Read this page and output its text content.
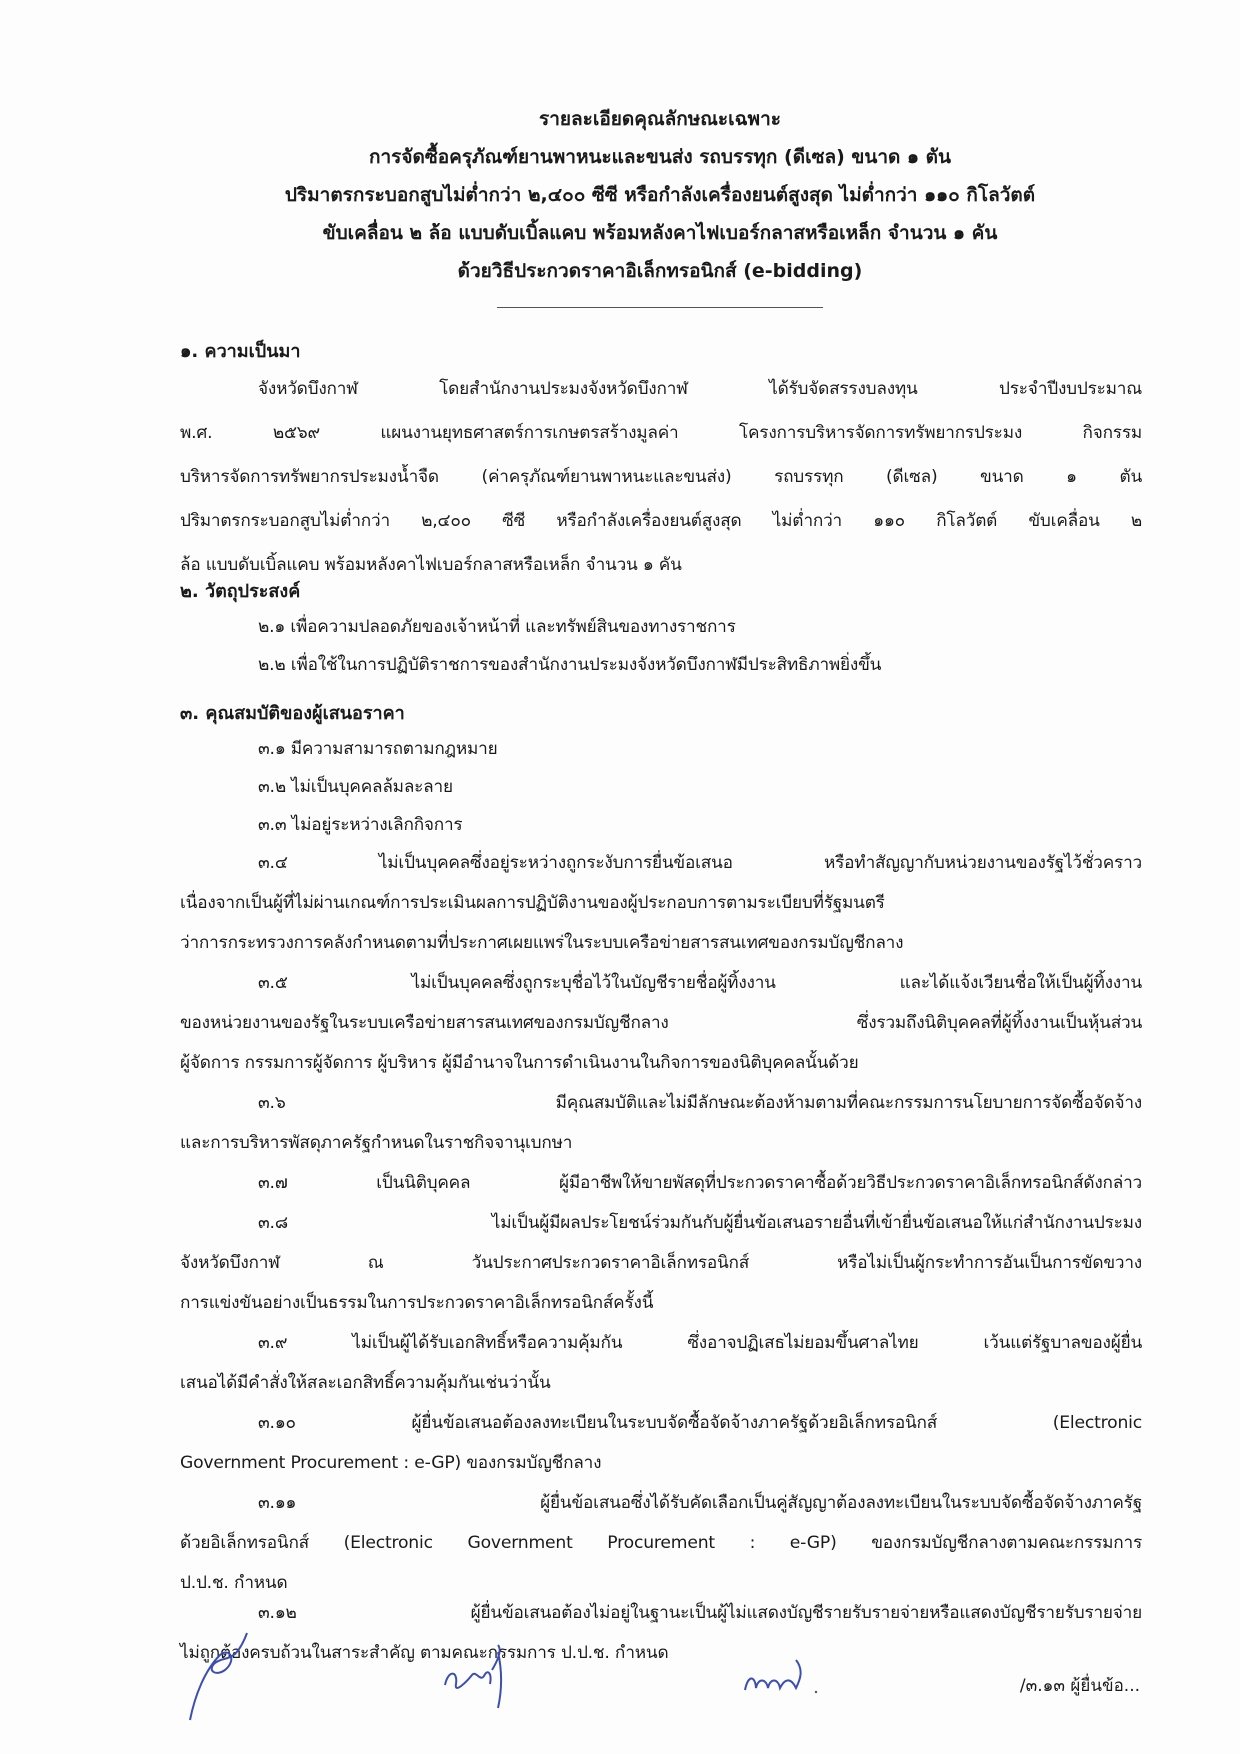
รายละเอียดคุณลักษณะเฉพาะ
การจัดซื้อครุภัณฑ์ยานพาหนะและขนส่ง รถบรรทุก (ดีเซล) ขนาด ๑ ตัน
ปริมาตรกระบอกสูบไม่ต่ำกว่า ๒,๔๐๐ ซีซี หรือกำลังเครื่องยนต์สูงสุด ไม่ต่ำกว่า ๑๑๐ กิโลวัตต์
ขับเคลื่อน ๒ ล้อ แบบดับเบิ้ลแคบ พร้อมหลังคาไฟเบอร์กลาสหรือเหล็ก จำนวน ๑ คัน
ด้วยวิธีประกวดราคาอิเล็กทรอนิกส์ (e-bidding)
๑. ความเป็นมา
จังหวัดบึงกาฬ โดยสำนักงานประมงจังหวัดบึงกาฬ ได้รับจัดสรรงบลงทุน ประจำปีงบประมาณ
พ.ศ. ๒๕๖๙ แผนงานยุทธศาสตร์การเกษตรสร้างมูลค่า โครงการบริหารจัดการทรัพยากรประมง กิจกรรม
บริหารจัดการทรัพยากรประมงน้ำจืด (ค่าครุภัณฑ์ยานพาหนะและขนส่ง) รถบรรทุก (ดีเซล) ขนาด ๑ ตัน
ปริมาตรกระบอกสูบไม่ต่ำกว่า ๒,๔๐๐ ซีซี หรือกำลังเครื่องยนต์สูงสุด ไม่ต่ำกว่า ๑๑๐ กิโลวัตต์ ขับเคลื่อน ๒
ล้อ แบบดับเบิ้ลแคบ พร้อมหลังคาไฟเบอร์กลาสหรือเหล็ก จำนวน ๑ คัน
๒. วัตถุประสงค์
๒.๑ เพื่อความปลอดภัยของเจ้าหน้าที่ และทรัพย์สินของทางราชการ
๒.๒ เพื่อใช้ในการปฏิบัติราชการของสำนักงานประมงจังหวัดบึงกาฬมีประสิทธิภาพยิ่งขึ้น
๓. คุณสมบัติของผู้เสนอราคา
๓.๑ มีความสามารถตามกฎหมาย
๓.๒ ไม่เป็นบุคคลล้มละลาย
๓.๓ ไม่อยู่ระหว่างเลิกกิจการ
๓.๔ ไม่เป็นบุคคลซึ่งอยู่ระหว่างถูกระงับการยื่นข้อเสนอ หรือทำสัญญากับหน่วยงานของรัฐไว้ชั่วคราว
เนื่องจากเป็นผู้ที่ไม่ผ่านเกณฑ์การประเมินผลการปฏิบัติงานของผู้ประกอบการตามระเบียบที่รัฐมนตรี
ว่าการกระทรวงการคลังกำหนดตามที่ประกาศเผยแพร่ในระบบเครือข่ายสารสนเทศของกรมบัญชีกลาง
๓.๕ ไม่เป็นบุคคลซึ่งถูกระบุชื่อไว้ในบัญชีรายชื่อผู้ทิ้งงาน และได้แจ้งเวียนชื่อให้เป็นผู้ทิ้งงาน
ของหน่วยงานของรัฐในระบบเครือข่ายสารสนเทศของกรมบัญชีกลาง ซึ่งรวมถึงนิติบุคคลที่ผู้ทิ้งงานเป็นหุ้นส่วน
ผู้จัดการ กรรมการผู้จัดการ ผู้บริหาร ผู้มีอำนาจในการดำเนินงานในกิจการของนิติบุคคลนั้นด้วย
๓.๖ มีคุณสมบัติและไม่มีลักษณะต้องห้ามตามที่คณะกรรมการนโยบายการจัดซื้อจัดจ้าง
และการบริหารพัสดุภาครัฐกำหนดในราชกิจจานุเบกษา
๓.๗ เป็นนิติบุคคล ผู้มีอาชีพให้ขายพัสดุที่ประกวดราคาซื้อด้วยวิธีประกวดราคาอิเล็กทรอนิกส์ดังกล่าว
๓.๘ ไม่เป็นผู้มีผลประโยชน์ร่วมกันกับผู้ยื่นข้อเสนอรายอื่นที่เข้ายื่นข้อเสนอให้แก่สำนักงานประมง
จังหวัดบึงกาฬ ณ วันประกาศประกวดราคาอิเล็กทรอนิกส์ หรือไม่เป็นผู้กระทำการอันเป็นการขัดขวาง
การแข่งขันอย่างเป็นธรรมในการประกวดราคาอิเล็กทรอนิกส์ครั้งนี้
๓.๙ ไม่เป็นผู้ได้รับเอกสิทธิ์หรือความคุ้มกัน ซึ่งอาจปฏิเสธไม่ยอมขึ้นศาลไทย เว้นแต่รัฐบาลของผู้ยื่น
เสนอได้มีคำสั่งให้สละเอกสิทธิ์ความคุ้มกันเช่นว่านั้น
๓.๑๐ ผู้ยื่นข้อเสนอต้องลงทะเบียนในระบบจัดซื้อจัดจ้างภาครัฐด้วยอิเล็กทรอนิกส์ (Electronic
Government Procurement : e-GP) ของกรมบัญชีกลาง
๓.๑๑ ผู้ยื่นข้อเสนอซึ่งได้รับคัดเลือกเป็นคู่สัญญาต้องลงทะเบียนในระบบจัดซื้อจัดจ้างภาครัฐ
ด้วยอิเล็กทรอนิกส์ (Electronic Government Procurement : e-GP) ของกรมบัญชีกลางตามคณะกรรมการ
ป.ป.ช. กำหนด
๓.๑๒ ผู้ยื่นข้อเสนอต้องไม่อยู่ในฐานะเป็นผู้ไม่แสดงบัญชีรายรับรายจ่ายหรือแสดงบัญชีรายรับรายจ่าย
ไม่ถูกต้องครบถ้วนในสาระสำคัญ ตามคณะกรรมการ ป.ป.ช. กำหนด
/๓.๑๓ ผู้ยื่นข้อ...
